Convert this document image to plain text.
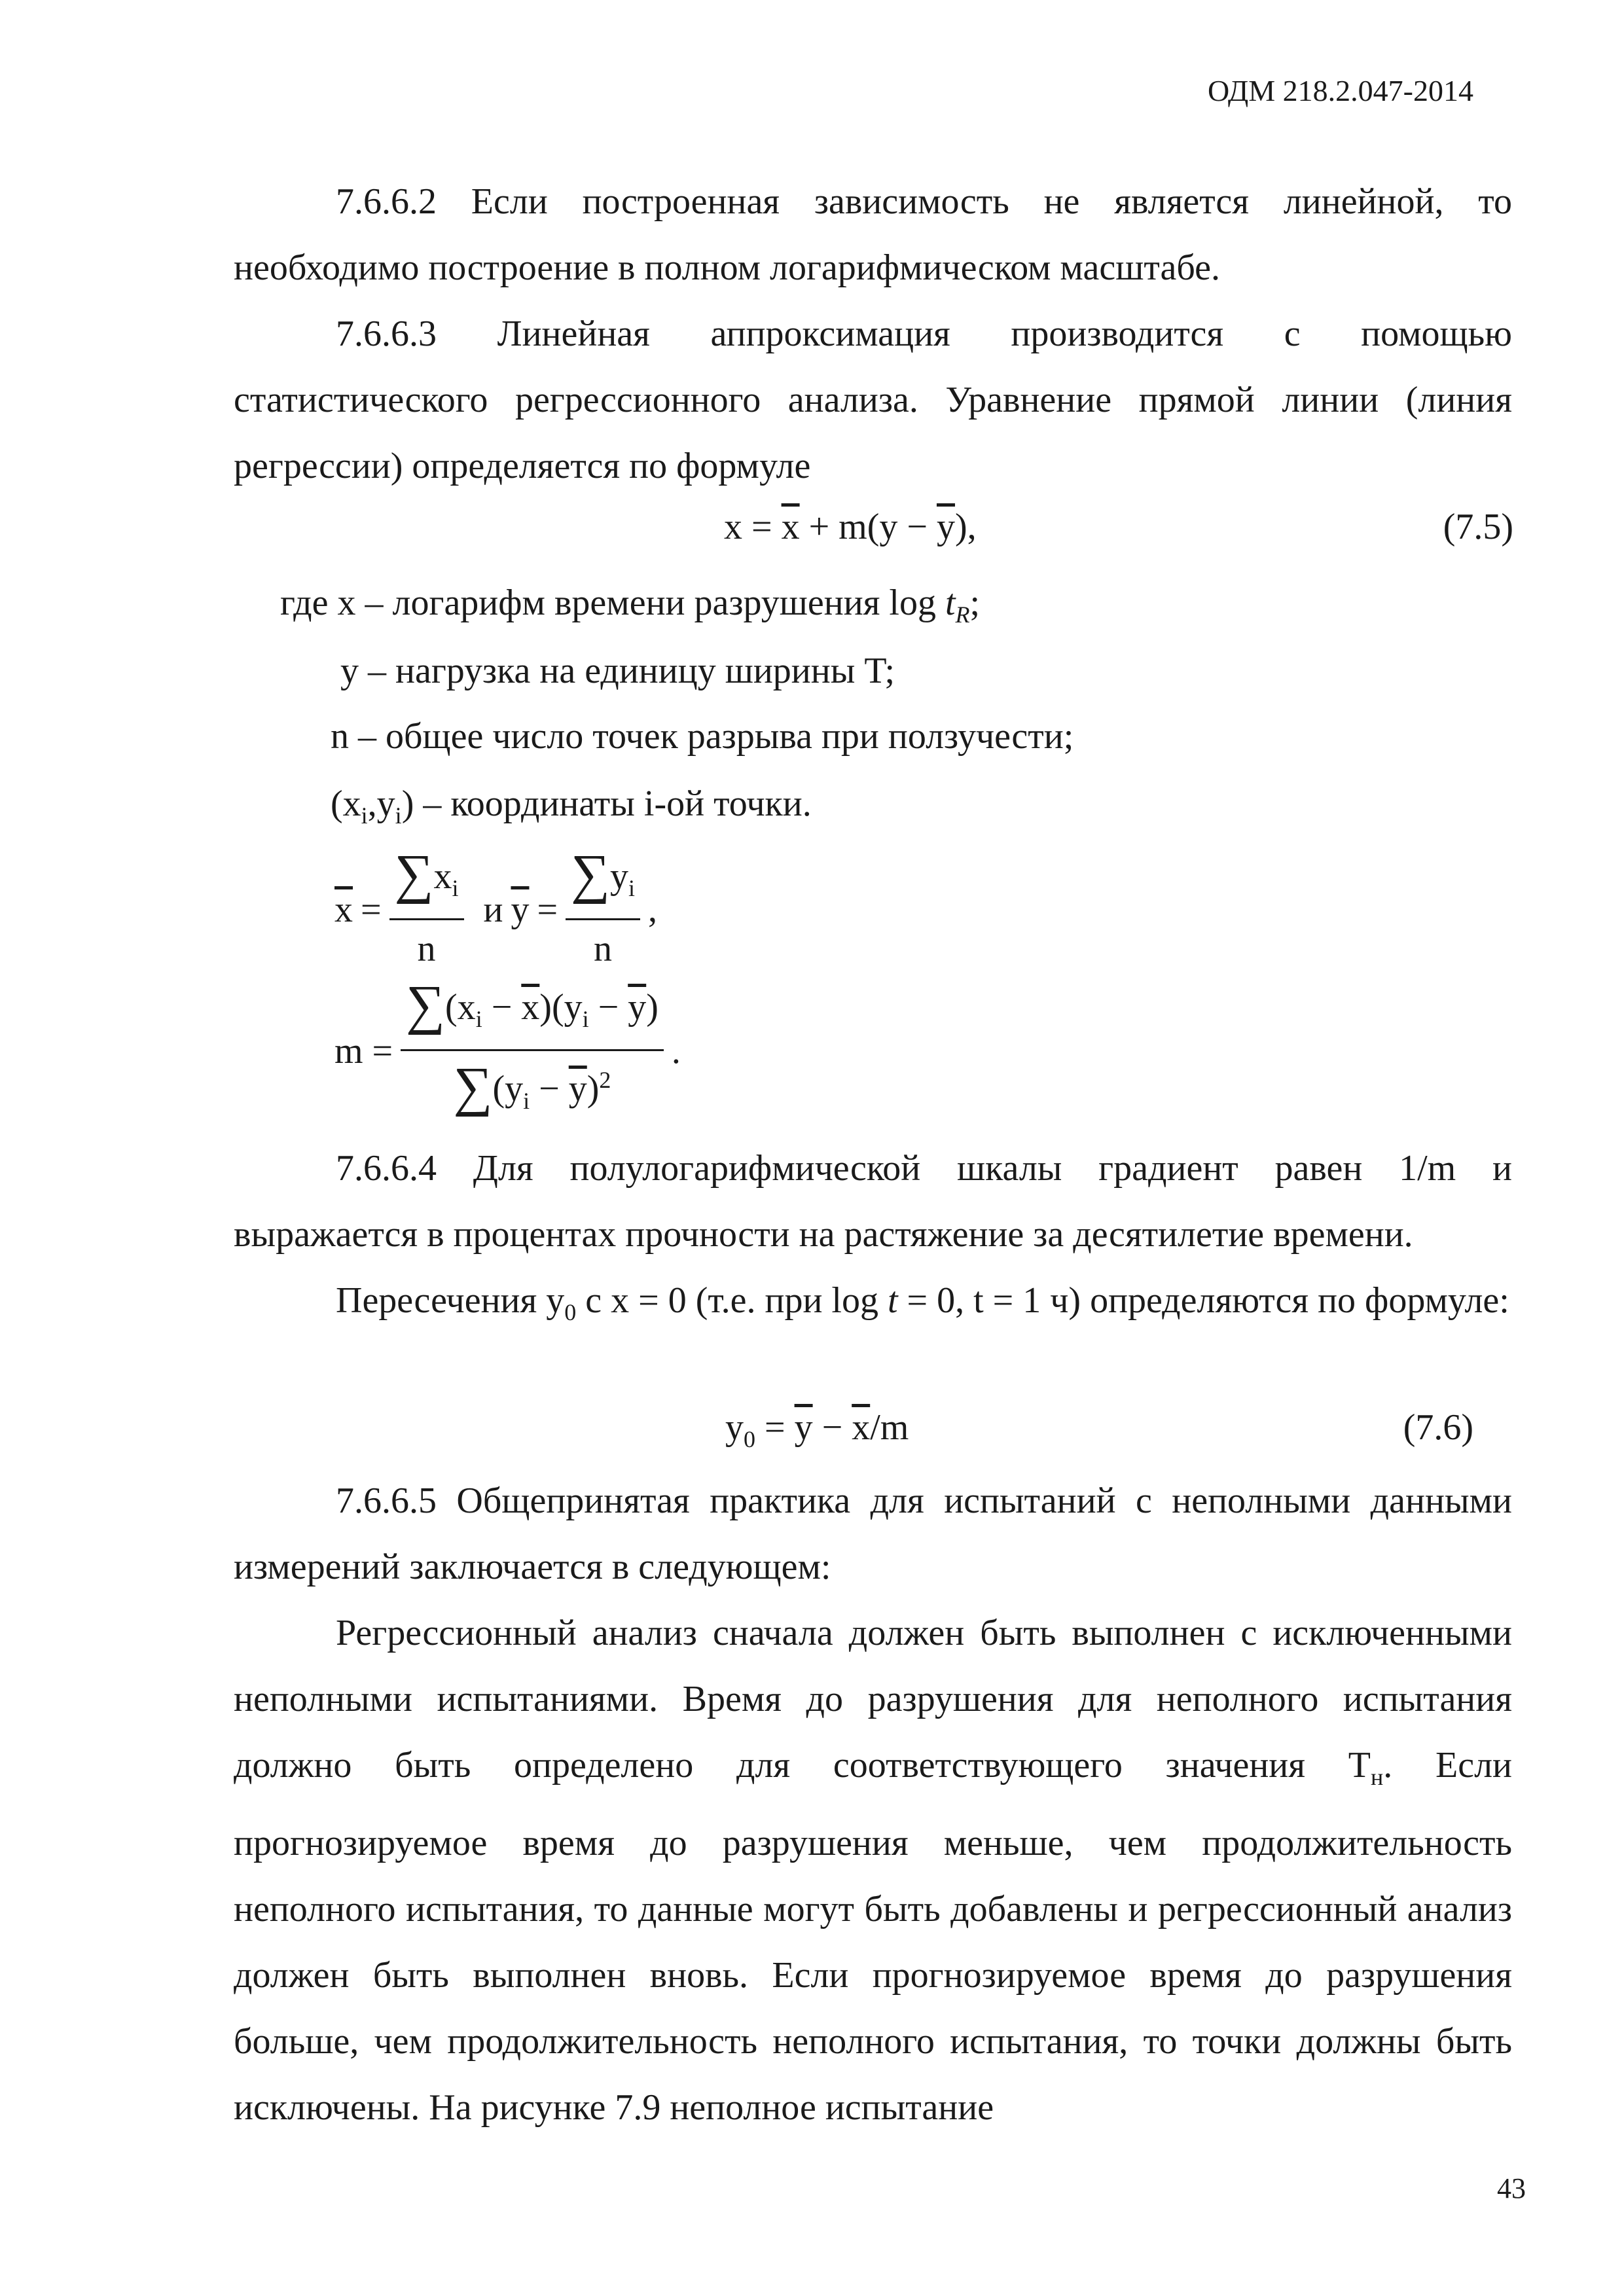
ОДМ 218.2.047-2014

7.6.6.2 Если построенная зависимость не является линейной, то необходимо построение в полном логарифмическом масштабе.

7.6.6.3 Линейная аппроксимация производится с помощью статистического регрессионного анализа. Уравнение прямой линии (линия регрессии) определяется по формуле

$x = \overline{x} + m(y - \overline{y})$,	(7.5)
где x – логарифм времени разрушения $\log t_R$;
y – нагрузка на единицу ширины T;
n – общее число точек разрыва при ползучести;
$(x_i,y_i)$ – координаты i-ой точки.
$\overline{x} = \frac{\sum x_i}{n}$ и $\overline{y} = \frac{\sum y_i}{n}$ ,
$m = \frac{\sum(x_i - \overline{x})(y_i - \overline{y})}{\sum(y_i - \overline{y})^2}$ .

7.6.6.4 Для полулогарифмической шкалы градиент равен 1/m и выражается в процентах прочности на растяжение за десятилетие времени.

Пересечения $y_0$ с x = 0 (т.е. при log t = 0, t = 1 ч) определяются по формуле:

$y_0 = \overline{y} - \overline{x}/m$	(7.6)

7.6.6.5 Общепринятая практика для испытаний с неполными данными измерений заключается в следующем:

Регрессионный анализ сначала должен быть выполнен с исключенными неполными испытаниями. Время до разрушения для неполного испытания должно быть определено для соответствующего значения $T_н$. Если прогнозируемое время до разрушения меньше, чем продолжительность неполного испытания, то данные могут быть добавлены и регрессионный анализ должен быть выполнен вновь. Если прогнозируемое время до разрушения больше, чем продолжительность неполного испытания, то точки должны быть исключены. На рисунке 7.9 неполное испытание

43
